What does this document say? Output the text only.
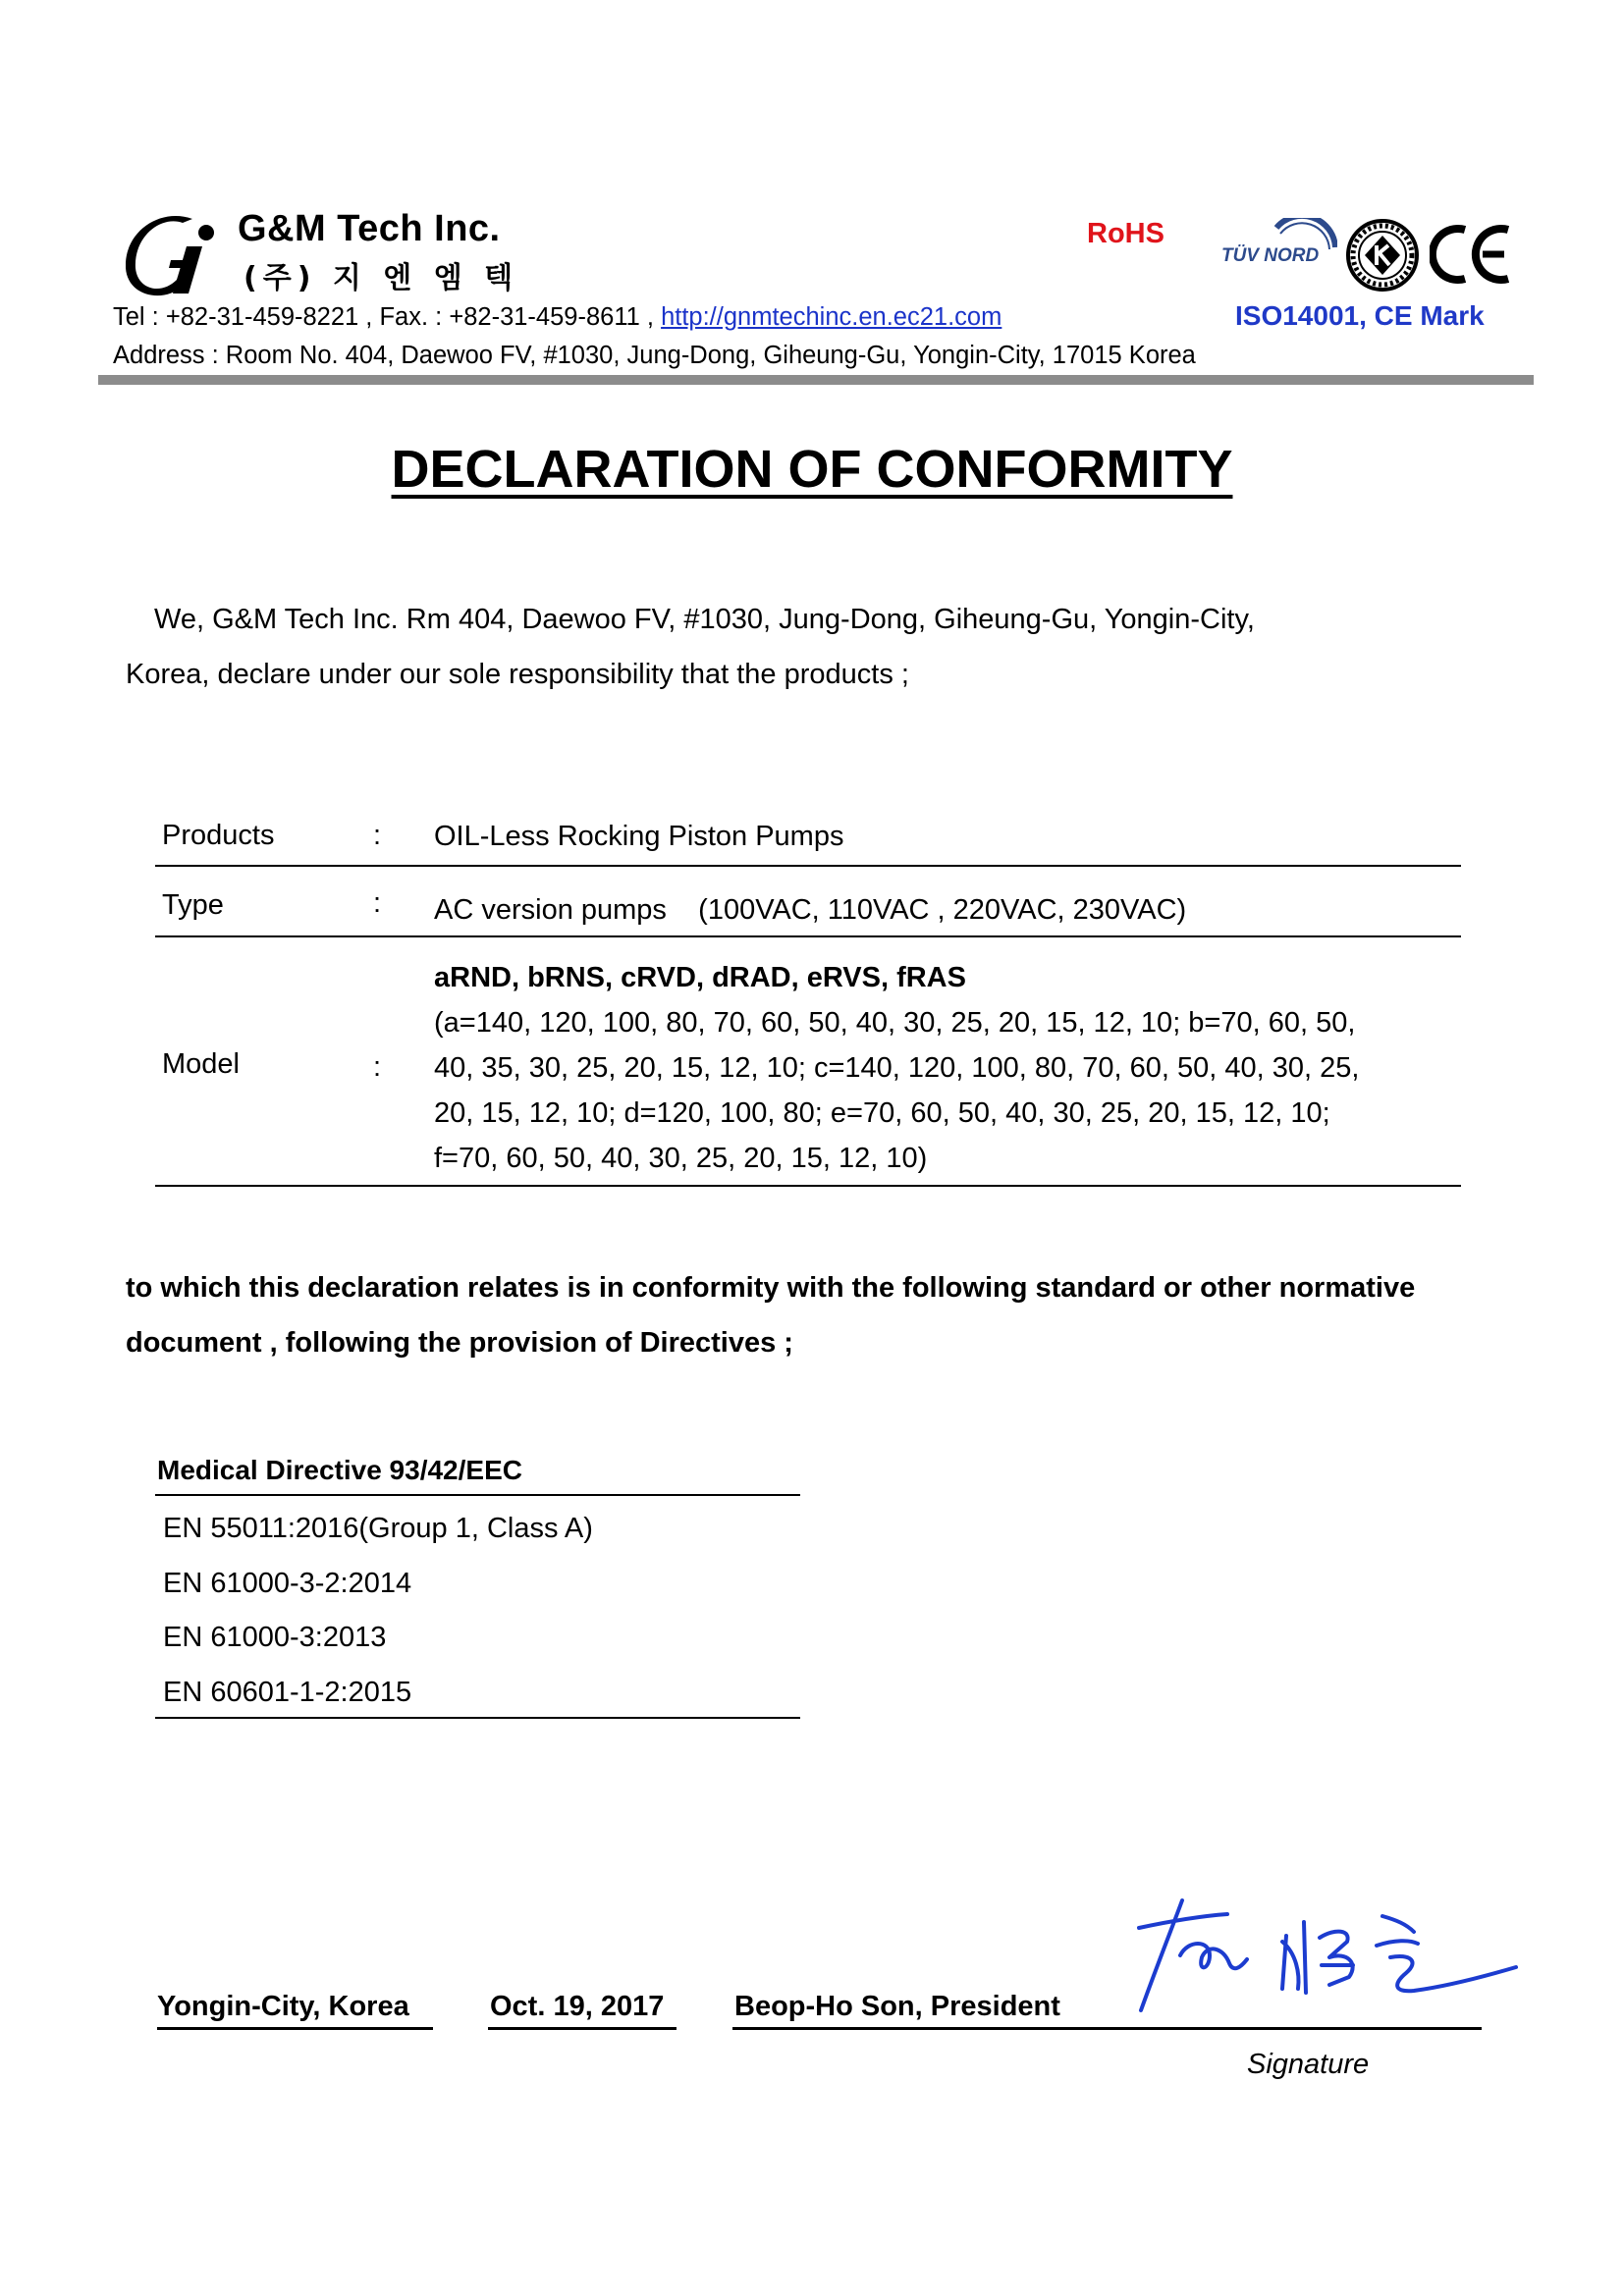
G&M Tech Inc.
(주) 지 엔 엠 텍
RoHS
TÜV NORD
Tel : +82-31-459-8221 , Fax. : +82-31-459-8611 , http://gnmtechinc.en.ec21.com	ISO14001, CE Mark
Address : Room No. 404, Daewoo FV, #1030, Jung-Dong, Giheung-Gu, Yongin-City, 17015 Korea
DECLARATION OF CONFORMITY
We, G&M Tech Inc. Rm 404, Daewoo FV, #1030, Jung-Dong, Giheung-Gu, Yongin-City,
Korea, declare under our sole responsibility that the products ;
Products	: OIL-Less Rocking Piston Pumps
Type	: AC version pumps    (100VAC, 110VAC , 220VAC, 230VAC)
Model	:
aRND, bRNS, cRVD, dRAD, eRVS, fRAS
(a=140, 120, 100, 80, 70, 60, 50, 40, 30, 25, 20, 15, 12, 10; b=70, 60, 50,
40, 35, 30, 25, 20, 15, 12, 10; c=140, 120, 100, 80, 70, 60, 50, 40, 30, 25,
20, 15, 12, 10; d=120, 100, 80; e=70, 60, 50, 40, 30, 25, 20, 15, 12, 10;
f=70, 60, 50, 40, 30, 25, 20, 15, 12, 10)
to which this declaration relates is in conformity with the following standard or other normative
document , following the provision of Directives ;
Medical Directive 93/42/EEC
EN 55011:2016(Group 1, Class A)
EN 61000-3-2:2014
EN 61000-3:2013
EN 60601-1-2:2015
Yongin-City, Korea	Oct. 19, 2017 Beop-Ho Son, President
Signature
